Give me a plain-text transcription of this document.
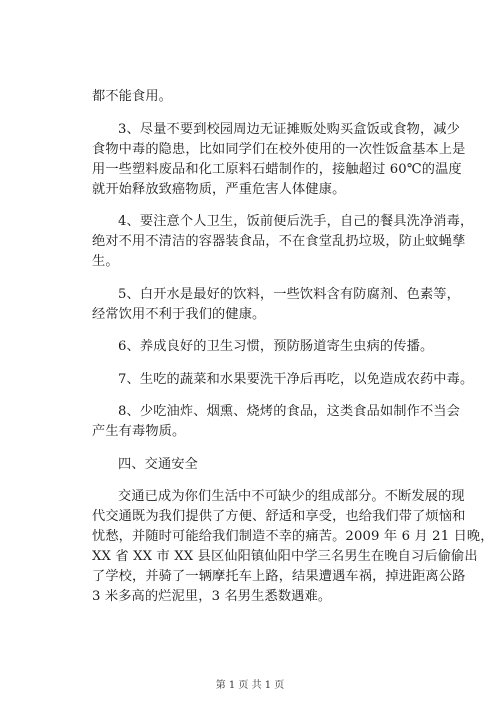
都不能食用。
3、尽量不要到校园周边无证摊贩处购买盒饭或食物，减少
食物中毒的隐患，比如同学们在校外使用的一次性饭盒基本上是
用一些塑料废品和化工原料石蜡制作的，接触超过 60℃的温度
就开始释放致癌物质，严重危害人体健康。
4、要注意个人卫生，饭前便后洗手，自己的餐具洗净消毒，
绝对不用不清洁的容器装食品，不在食堂乱扔垃圾，防止蚊蝇孳
生。
5、白开水是最好的饮料，一些饮料含有防腐剂、色素等，
经常饮用不利于我们的健康。
6、养成良好的卫生习惯，预防肠道寄生虫病的传播。
7、生吃的蔬菜和水果要洗干净后再吃，以免造成农药中毒。
8、少吃油炸、烟熏、烧烤的食品，这类食品如制作不当会
产生有毒物质。
四、交通安全
交通已成为你们生活中不可缺少的组成部分。不断发展的现
代交通既为我们提供了方便、舒适和享受，也给我们带了烦恼和
忧愁，并随时可能给我们制造不幸的痛苦。2009 年 6 月 21 日晚，
XX 省 XX 市 XX 县区仙阳镇仙阳中学三名男生在晚自习后偷偷出
了学校，并骑了一辆摩托车上路，结果遭遇车祸，掉进距离公路
3 米多高的烂泥里，3 名男生悉数遇难。
第 1 页 共 1 页
